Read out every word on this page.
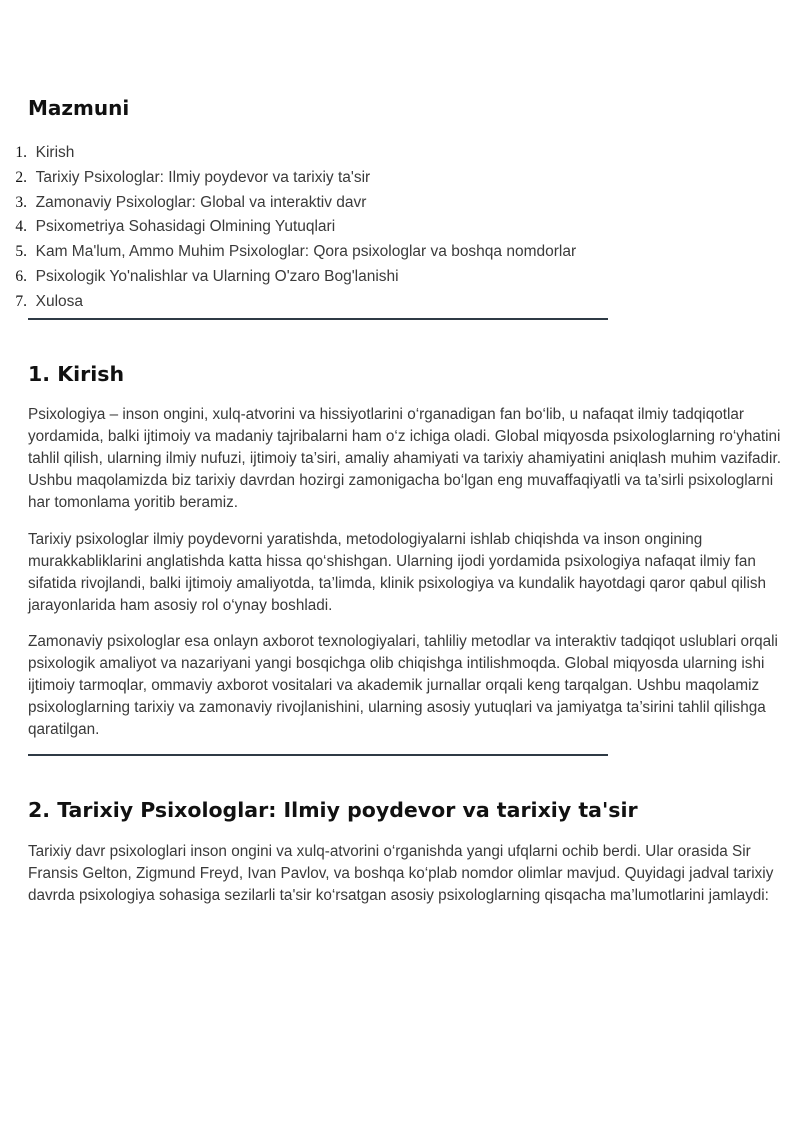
Mazmuni
1. Kirish
2. Tarixiy Psixologlar: Ilmiy poydevor va tarixiy ta'sir
3. Zamonaviy Psixologlar: Global va interaktiv davr
4. Psixometriya Sohasidagi Olmining Yutuqlari
5. Kam Ma'lum, Ammo Muhim Psixologlar: Qora psixologlar va boshqa nomdorlar
6. Psixologik Yo'nalishlar va Ularning O'zaro Bog'lanishi
7. Xulosa
1. Kirish

Psixologiya – inson ongini, xulq-atvorini va hissiyotlarini o‘rganadigan fan bo‘lib, u nafaqat ilmiy tadqiqotlar yordamida, balki ijtimoiy va madaniy tajribalarni ham o‘z ichiga oladi. Global miqyosda psixologlarning ro‘yhatini tahlil qilish, ularning ilmiy nufuzi, ijtimoiy ta’siri, amaliy ahamiyati va tarixiy ahamiyatini aniqlash muhim vazifadir. Ushbu maqolamizda biz tarixiy davrdan hozirgi zamonigacha bo‘lgan eng muvaffaqiyatli va ta’sirli psixologlarni har tomonlama yoritib beramiz.

Tarixiy psixologlar ilmiy poydevorni yaratishda, metodologiyalarni ishlab chiqishda va inson ongining murakkabliklarini anglatishda katta hissa qo‘shishgan. Ularning ijodi yordamida psixologiya nafaqat ilmiy fan sifatida rivojlandi, balki ijtimoiy amaliyotda, ta’limda, klinik psixologiya va kundalik hayotdagi qaror qabul qilish jarayonlarida ham asosiy rol o‘ynay boshladi.

Zamonaviy psixologlar esa onlayn axborot texnologiyalari, tahliliy metodlar va interaktiv tadqiqot uslublari orqali psixologik amaliyot va nazariyani yangi bosqichga olib chiqishga intilishmoqda. Global miqyosda ularning ishi ijtimoiy tarmoqlar, ommaviy axborot vositalari va akademik jurnallar orqali keng tarqalgan. Ushbu maqolamiz psixologlarning tarixiy va zamonaviy rivojlanishini, ularning asosiy yutuqlari va jamiyatga ta’sirini tahlil qilishga qaratilgan.

2. Tarixiy Psixologlar: Ilmiy poydevor va tarixiy ta'sir

Tarixiy davr psixologlari inson ongini va xulq-atvorini o‘rganishda yangi ufqlarni ochib berdi. Ular orasida Sir Fransis Gelton, Zigmund Freyd, Ivan Pavlov, va boshqa ko‘plab nomdor olimlar mavjud. Quyidagi jadval tarixiy davrda psixologiya sohasiga sezilarli ta'sir ko‘rsatgan asosiy psixologlarning qisqacha ma’lumotlarini jamlaydi:
